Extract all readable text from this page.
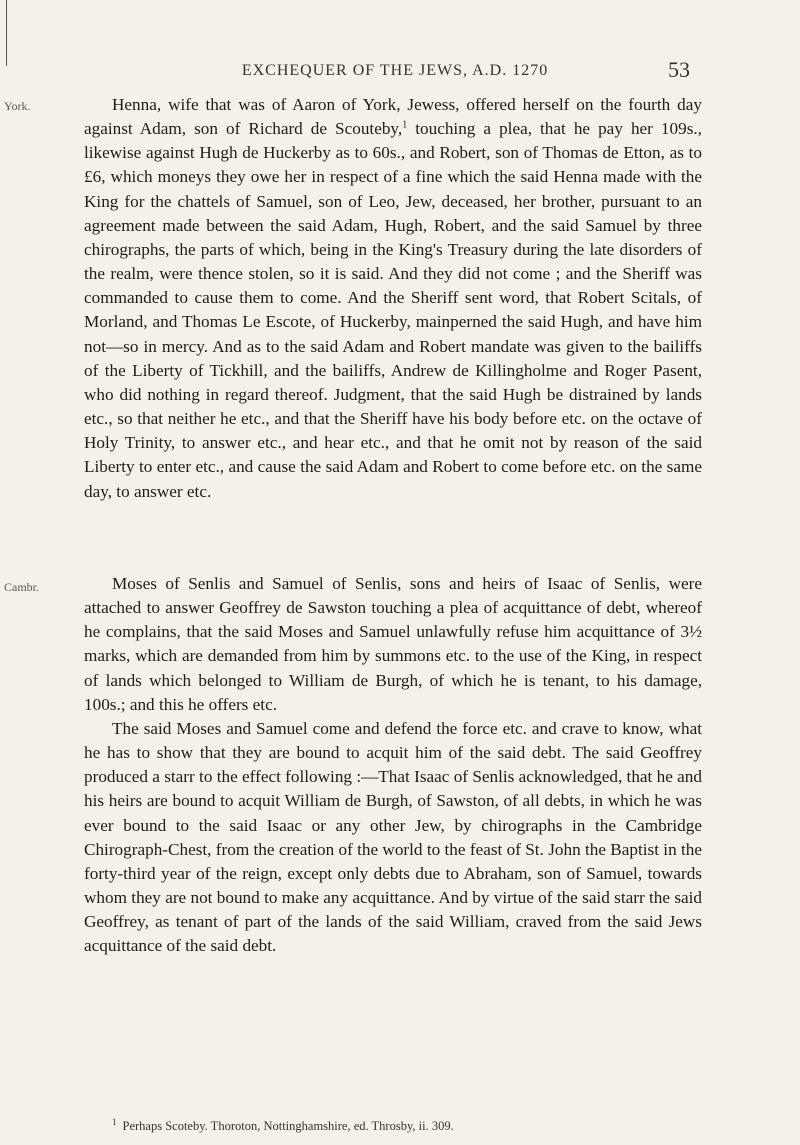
EXCHEQUER OF THE JEWS, A.D. 1270	53
York.
Cambr.

Henna, wife that was of Aaron of York, Jewess, offered herself on the fourth day against Adam, son of Richard de Scouteby,$^1$ touching a plea, that he pay her 109s., likewise against Hugh de Huckerby as to 60s., and Robert, son of Thomas de Etton, as to £6, which moneys they owe her in respect of a fine which the said Henna made with the King for the chattels of Samuel, son of Leo, Jew, deceased, her brother, pursuant to an agreement made between the said Adam, Hugh, Robert, and the said Samuel by three chirographs, the parts of which, being in the King's Treasury during the late disorders of the realm, were thence stolen, so it is said. And they did not come ; and the Sheriff was commanded to cause them to come. And the Sheriff sent word, that Robert Scitals, of Morland, and Thomas Le Escote, of Huckerby, mainperned the said Hugh, and have him not—so in mercy. And as to the said Adam and Robert mandate was given to the bailiffs of the Liberty of Tickhill, and the bailiffs, Andrew de Killingholme and Roger Pasent, who did nothing in regard thereof. Judgment, that the said Hugh be distrained by lands etc., so that neither he etc., and that the Sheriff have his body before etc. on the octave of Holy Trinity, to answer etc., and hear etc., and that he omit not by reason of the said Liberty to enter etc., and cause the said Adam and Robert to come before etc. on the same day, to answer etc.

Moses of Senlis and Samuel of Senlis, sons and heirs of Isaac of Senlis, were attached to answer Geoffrey de Sawston touching a plea of acquittance of debt, whereof he complains, that the said Moses and Samuel unlawfully refuse him acquittance of 3½ marks, which are demanded from him by summons etc. to the use of the King, in respect of lands which belonged to William de Burgh, of which he is tenant, to his damage, 100s.; and this he offers etc.

The said Moses and Samuel come and defend the force etc. and crave to know, what he has to show that they are bound to acquit him of the said debt. The said Geoffrey produced a starr to the effect following :—That Isaac of Senlis acknowledged, that he and his heirs are bound to acquit William de Burgh, of Sawston, of all debts, in which he was ever bound to the said Isaac or any other Jew, by chirographs in the Cambridge Chirograph-Chest, from the creation of the world to the feast of St. John the Baptist in the forty-third year of the reign, except only debts due to Abraham, son of Samuel, towards whom they are not bound to make any acquittance. And by virtue of the said starr the said Geoffrey, as tenant of part of the lands of the said William, craved from the said Jews acquittance of the said debt.

$^1$ Perhaps Scoteby. Thoroton, Nottinghamshire, ed. Throsby, ii. 309.
